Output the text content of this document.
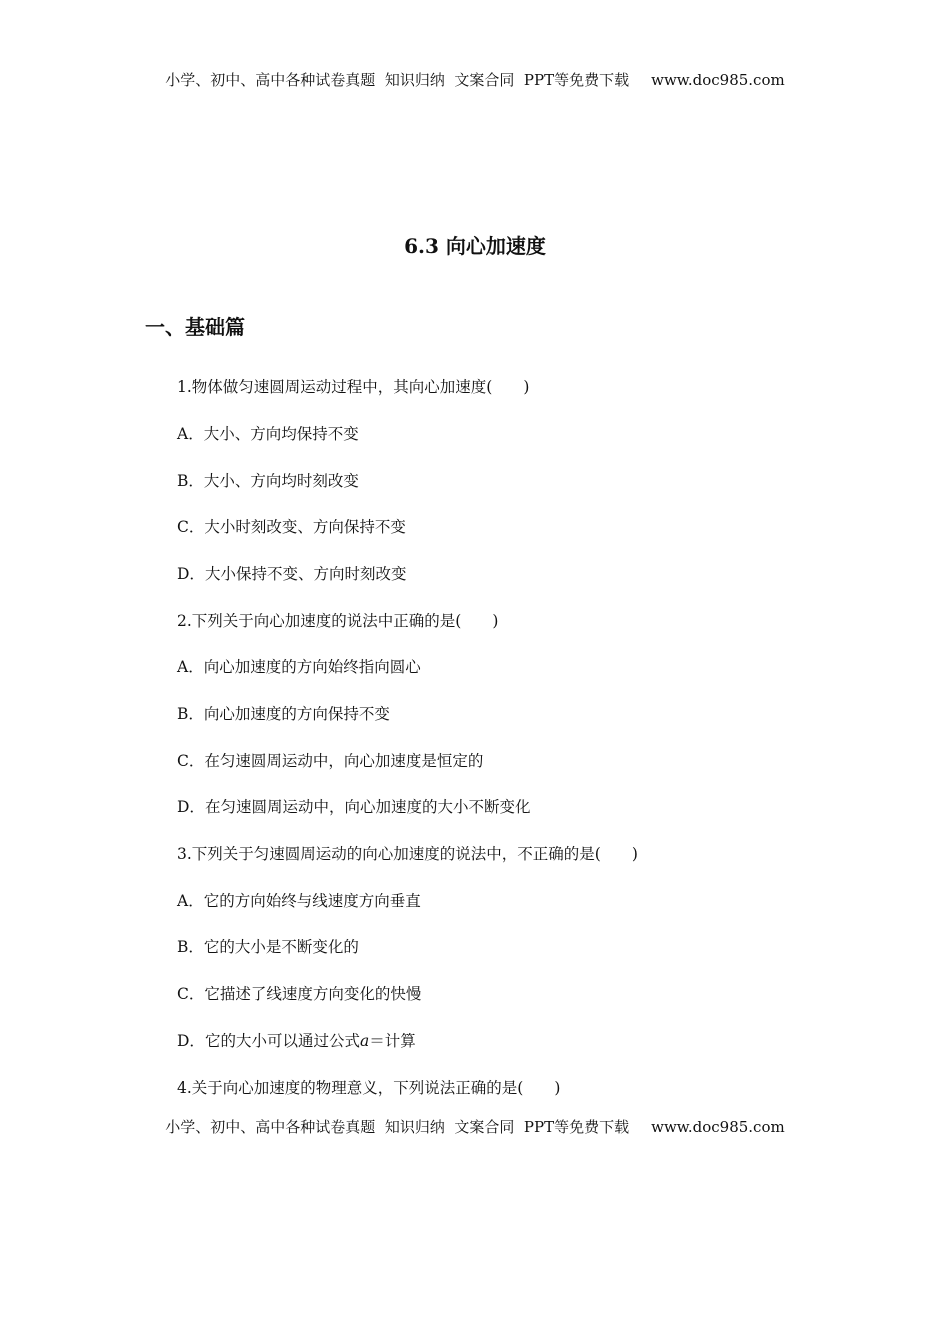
小学、初中、高中各种试卷真题  知识归纳  文案合同  PPT等免费下载 www.doc985.com
6.3 向心加速度
一、基础篇
1.物体做匀速圆周运动过程中，其向心加速度(　　)
A．大小、方向均保持不变
B．大小、方向均时刻改变
C．大小时刻改变、方向保持不变
D．大小保持不变、方向时刻改变
2.下列关于向心加速度的说法中正确的是(　　)
A．向心加速度的方向始终指向圆心
B．向心加速度的方向保持不变
C．在匀速圆周运动中，向心加速度是恒定的
D．在匀速圆周运动中，向心加速度的大小不断变化
3.下列关于匀速圆周运动的向心加速度的说法中，不正确的是(　　)
A．它的方向始终与线速度方向垂直
B．它的大小是不断变化的
C．它描述了线速度方向变化的快慢
D．它的大小可以通过公式a＝计算
4.关于向心加速度的物理意义，下列说法正确的是(　　)
小学、初中、高中各种试卷真题  知识归纳  文案合同  PPT等免费下载 www.doc985.com
